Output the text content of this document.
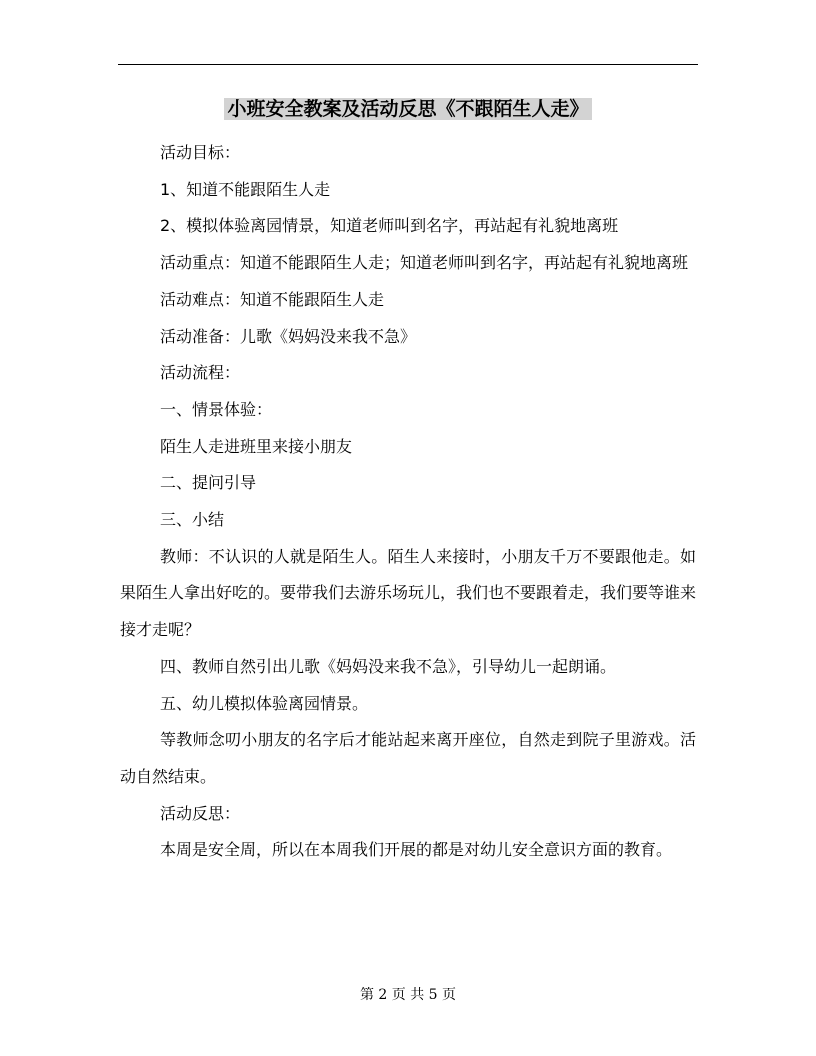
小班安全教案及活动反思《不跟陌生人走》

活动目标：

1、知道不能跟陌生人走

2、模拟体验离园情景，知道老师叫到名字，再站起有礼貌地离班

活动重点：知道不能跟陌生人走；知道老师叫到名字，再站起有礼貌地离班

活动难点：知道不能跟陌生人走

活动准备：儿歌《妈妈没来我不急》

活动流程：

一、情景体验：

陌生人走进班里来接小朋友

二、提问引导

三、小结

教师：不认识的人就是陌生人。陌生人来接时，小朋友千万不要跟他走。如果陌生人拿出好吃的。要带我们去游乐场玩儿，我们也不要跟着走，我们要等谁来接才走呢？

四、教师自然引出儿歌《妈妈没来我不急》，引导幼儿一起朗诵。

五、幼儿模拟体验离园情景。

等教师念叨小朋友的名字后才能站起来离开座位，自然走到院子里游戏。活动自然结束。

活动反思：

本周是安全周，所以在本周我们开展的都是对幼儿安全意识方面的教育。

第 2 页 共 5 页
